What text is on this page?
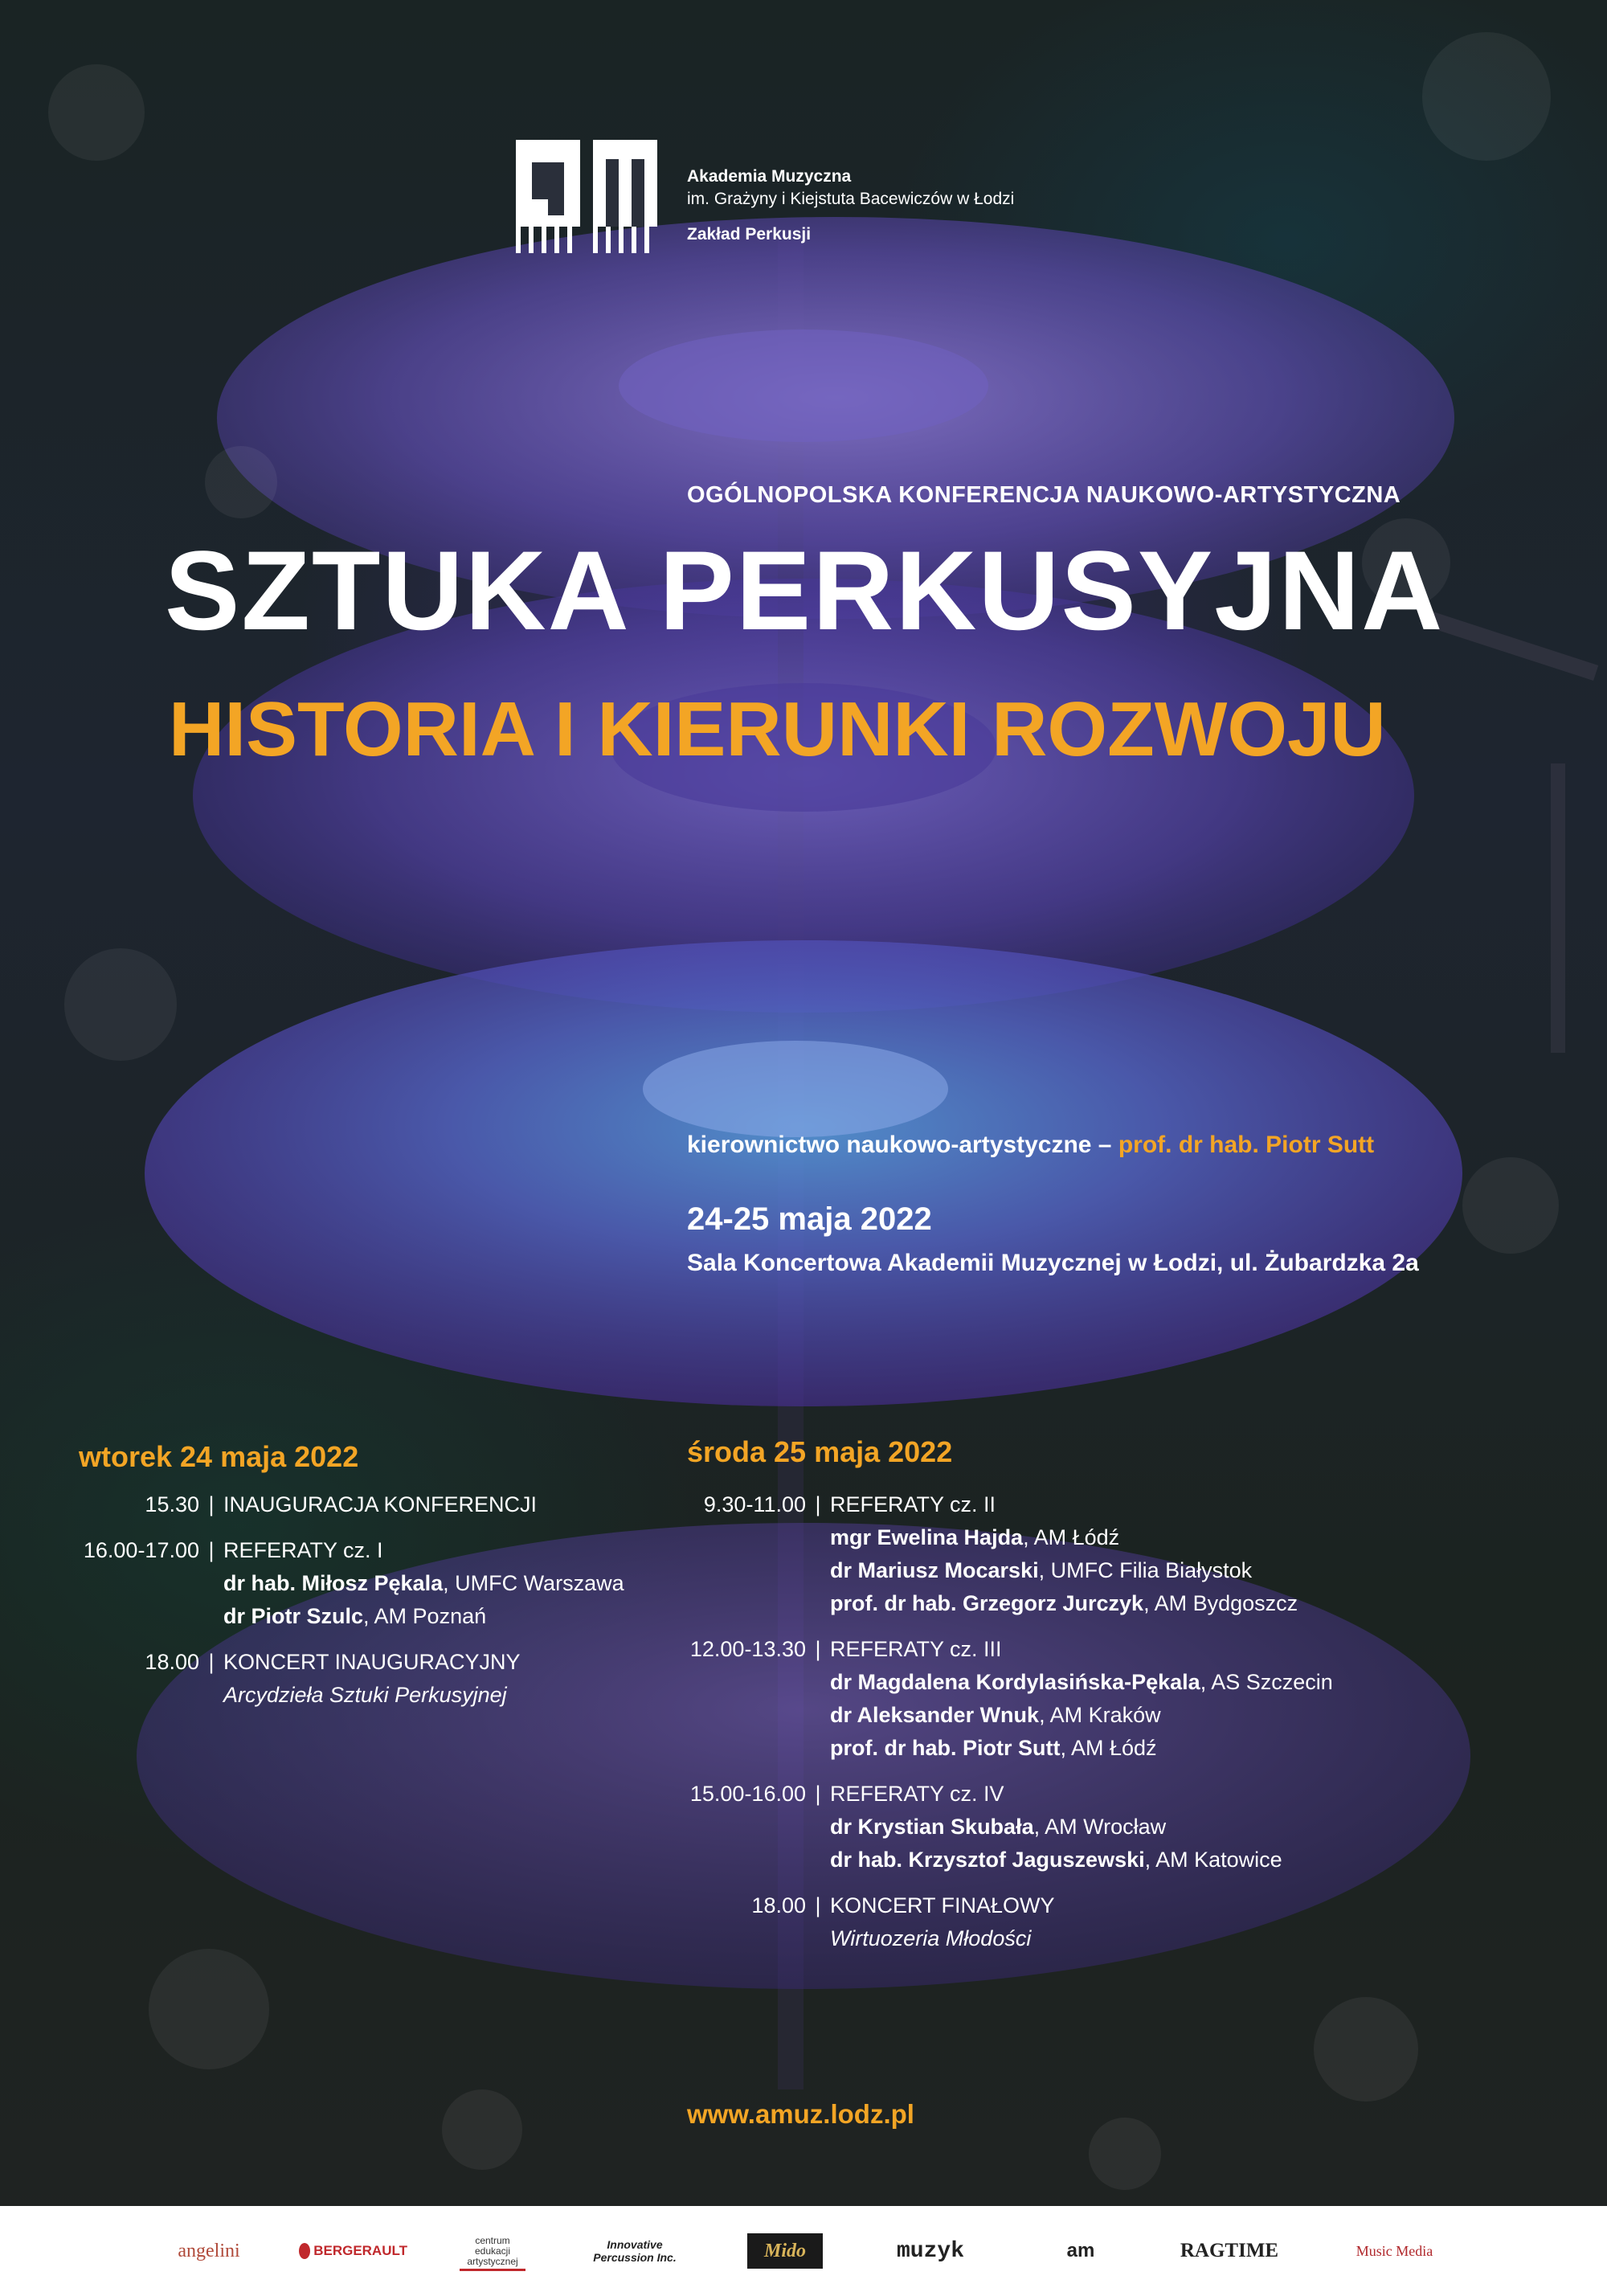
Akademia Muzyczna
im. Grażyny i Kiejstuta Bacewiczów w Łodzi
Zakład Perkusji
OGÓLNOPOLSKA KONFERENCJA NAUKOWO-ARTYSTYCZNA
SZTUKA PERKUSYJNA
HISTORIA I KIERUNKI ROZWOJU
kierownictwo naukowo-artystyczne – prof. dr hab. Piotr Sutt
24-25 maja 2022
Sala Koncertowa Akademii Muzycznej w Łodzi, ul. Żubardzka 2a
wtorek 24 maja 2022
15.30 | INAUGURACJA KONFERENCJI
16.00-17.00 | REFERATY cz. I
dr hab. Miłosz Pękala, UMFC Warszawa
dr Piotr Szulc, AM Poznań
18.00 | KONCERT INAUGURACYJNY
Arcydzieła Sztuki Perkusyjnej
środa 25 maja 2022
9.30-11.00 | REFERATY cz. II
mgr Ewelina Hajda, AM Łódź
dr Mariusz Mocarski, UMFC Filia Białystok
prof. dr hab. Grzegorz Jurczyk, AM Bydgoszcz
12.00-13.30 | REFERATY cz. III
dr Magdalena Kordylasińska-Pękala, AS Szczecin
dr Aleksander Wnuk, AM Kraków
prof. dr hab. Piotr Sutt, AM Łódź
15.00-16.00 | REFERATY cz. IV
dr Krystian Skubała, AM Wrocław
dr hab. Krzysztof Jaguszewski, AM Katowice
18.00 | KONCERT FINAŁOWY
Wirtuozeria Młodości
www.amuz.lodz.pl
angelini	BERGERAULT
centrum edukacji artystycznej
Innovative Percussion Inc.	Mido	muzyk	am	RAGTIME	Music Media
